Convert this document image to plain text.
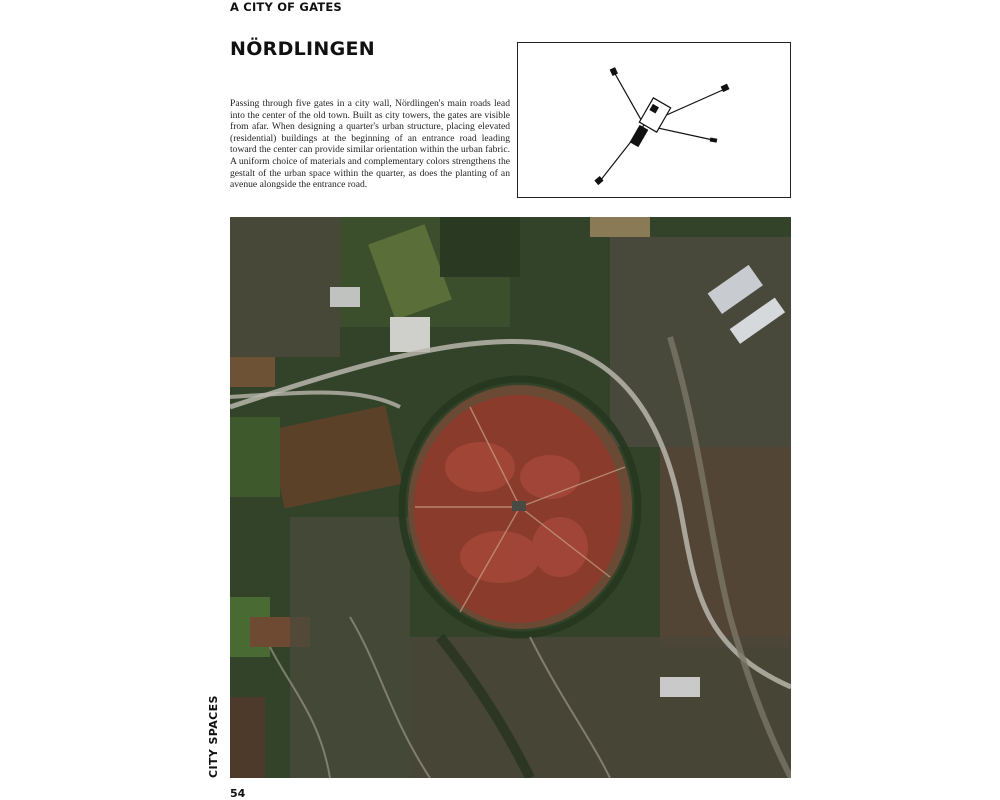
A CITY OF GATES
NÖRDLINGEN

Passing through five gates in a city wall, Nördlingen's main roads lead into the center of the old town. Built as city towers, the gates are visible from afar. When designing a quarter's urban structure, placing elevated (residential) buildings at the beginning of an entrance road leading toward the center can provide similar orientation within the urban fabric. A uniform choice of materials and complementary colors strengthens the gestalt of the urban space within the quarter, as does the planting of an avenue alongside the entrance road.

CITY SPACES
54
